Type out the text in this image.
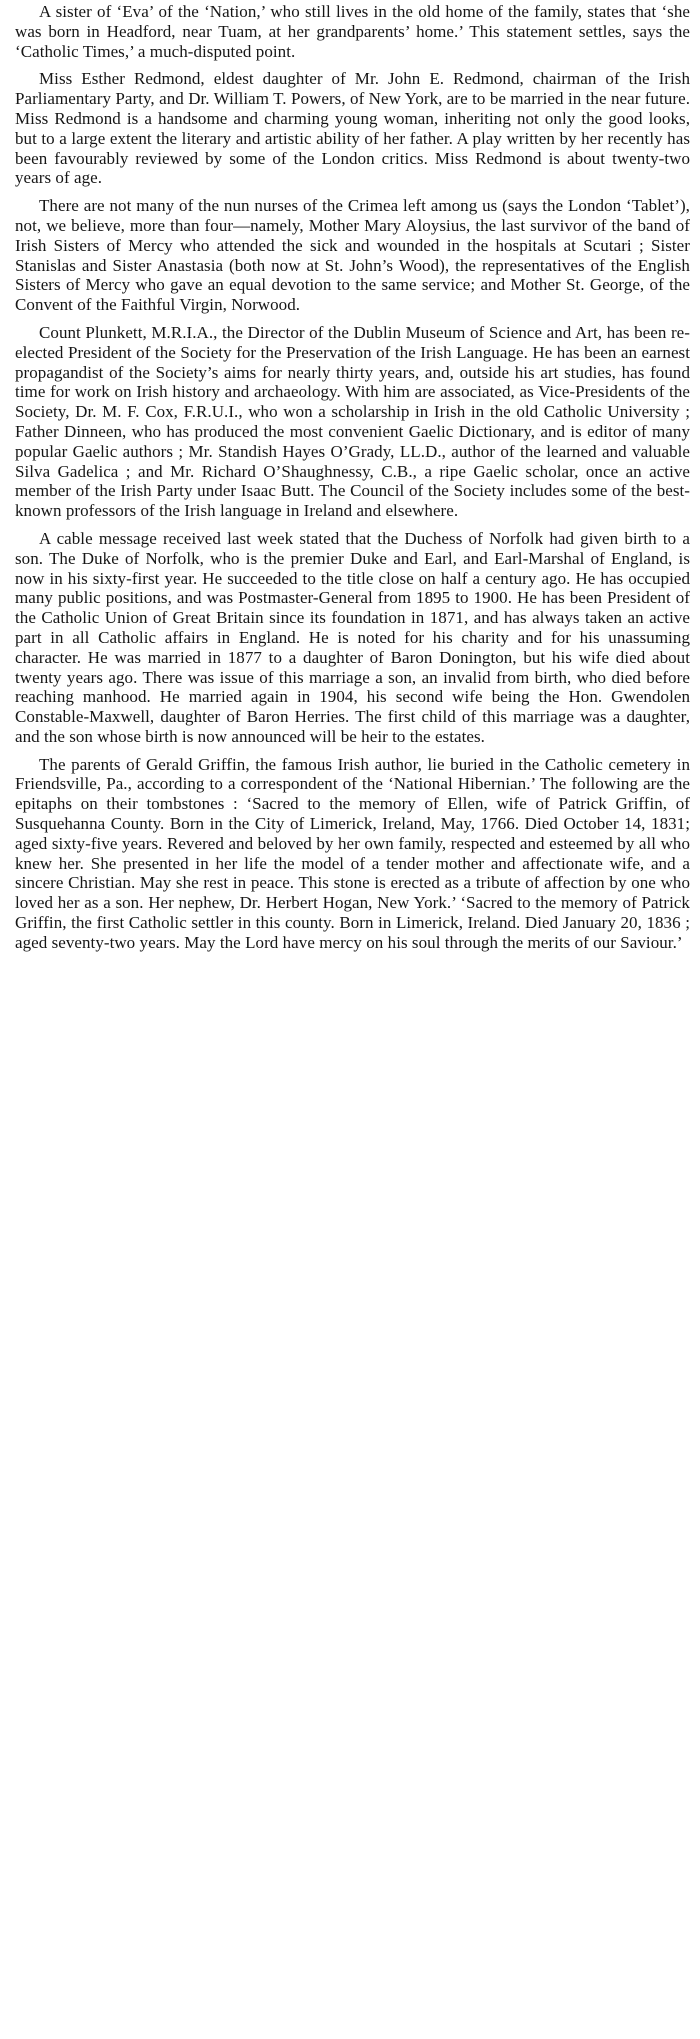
A sister of ‘Eva’ of the ‘Nation,’ who still lives in the old home of the family, states that ‘she was born in Headford, near Tuam, at her grandparents’ home.’ This statement settles, says the ‘Catholic Times,’ a much-disputed point.

Miss Esther Redmond, eldest daughter of Mr. John E. Redmond, chairman of the Irish Parliamentary Party, and Dr. William T. Powers, of New York, are to be married in the near future. Miss Redmond is a handsome and charming young woman, inheriting not only the good looks, but to a large extent the literary and artistic ability of her father. A play written by her recently has been favourably reviewed by some of the London critics. Miss Redmond is about twenty-two years of age.

There are not many of the nun nurses of the Crimea left among us (says the London ‘Tablet’), not, we believe, more than four—namely, Mother Mary Aloysius, the last survivor of the band of Irish Sisters of Mercy who attended the sick and wounded in the hospitals at Scutari ; Sister Stanislas and Sister Anastasia (both now at St. John’s Wood), the representatives of the English Sisters of Mercy who gave an equal devotion to the same service; and Mother St. George, of the Convent of the Faithful Virgin, Norwood.

Count Plunkett, M.R.I.A., the Director of the Dublin Museum of Science and Art, has been re-elected President of the Society for the Preservation of the Irish Language. He has been an earnest propagandist of the Society’s aims for nearly thirty years, and, outside his art studies, has found time for work on Irish history and archaeology. With him are associated, as Vice-Presidents of the Society, Dr. M. F. Cox, F.R.U.I., who won a scholarship in Irish in the old Catholic University ; Father Dinneen, who has produced the most convenient Gaelic Dictionary, and is editor of many popular Gaelic authors ; Mr. Standish Hayes O’Grady, LL.D., author of the learned and valuable Silva Gadelica ; and Mr. Richard O’Shaughnessy, C.B., a ripe Gaelic scholar, once an active member of the Irish Party under Isaac Butt. The Council of the Society includes some of the best-known professors of the Irish language in Ireland and elsewhere.

A cable message received last week stated that the Duchess of Norfolk had given birth to a son. The Duke of Norfolk, who is the premier Duke and Earl, and Earl-Marshal of England, is now in his sixty-first year. He succeeded to the title close on half a century ago. He has occupied many public positions, and was Postmaster-General from 1895 to 1900. He has been President of the Catholic Union of Great Britain since its foundation in 1871, and has always taken an active part in all Catholic affairs in England. He is noted for his charity and for his unassuming character. He was married in 1877 to a daughter of Baron Donington, but his wife died about twenty years ago. There was issue of this marriage a son, an invalid from birth, who died before reaching manhood. He married again in 1904, his second wife being the Hon. Gwendolen Constable-Maxwell, daughter of Baron Herries. The first child of this marriage was a daughter, and the son whose birth is now announced will be heir to the estates.

The parents of Gerald Griffin, the famous Irish author, lie buried in the Catholic cemetery in Friendsville, Pa., according to a correspondent of the ‘National Hibernian.’ The following are the epitaphs on their tombstones : ‘Sacred to the memory of Ellen, wife of Patrick Griffin, of Susquehanna County. Born in the City of Limerick, Ireland, May, 1766. Died October 14, 1831; aged sixty-five years. Revered and beloved by her own family, respected and esteemed by all who knew her. She presented in her life the model of a tender mother and affectionate wife, and a sincere Christian. May she rest in peace. This stone is erected as a tribute of affection by one who loved her as a son. Her nephew, Dr. Herbert Hogan, New York.’ ‘Sacred to the memory of Patrick Griffin, the first Catholic settler in this county. Born in Limerick, Ireland. Died January 20, 1836 ; aged seventy-two years. May the Lord have mercy on his soul through the merits of our Saviour.’
